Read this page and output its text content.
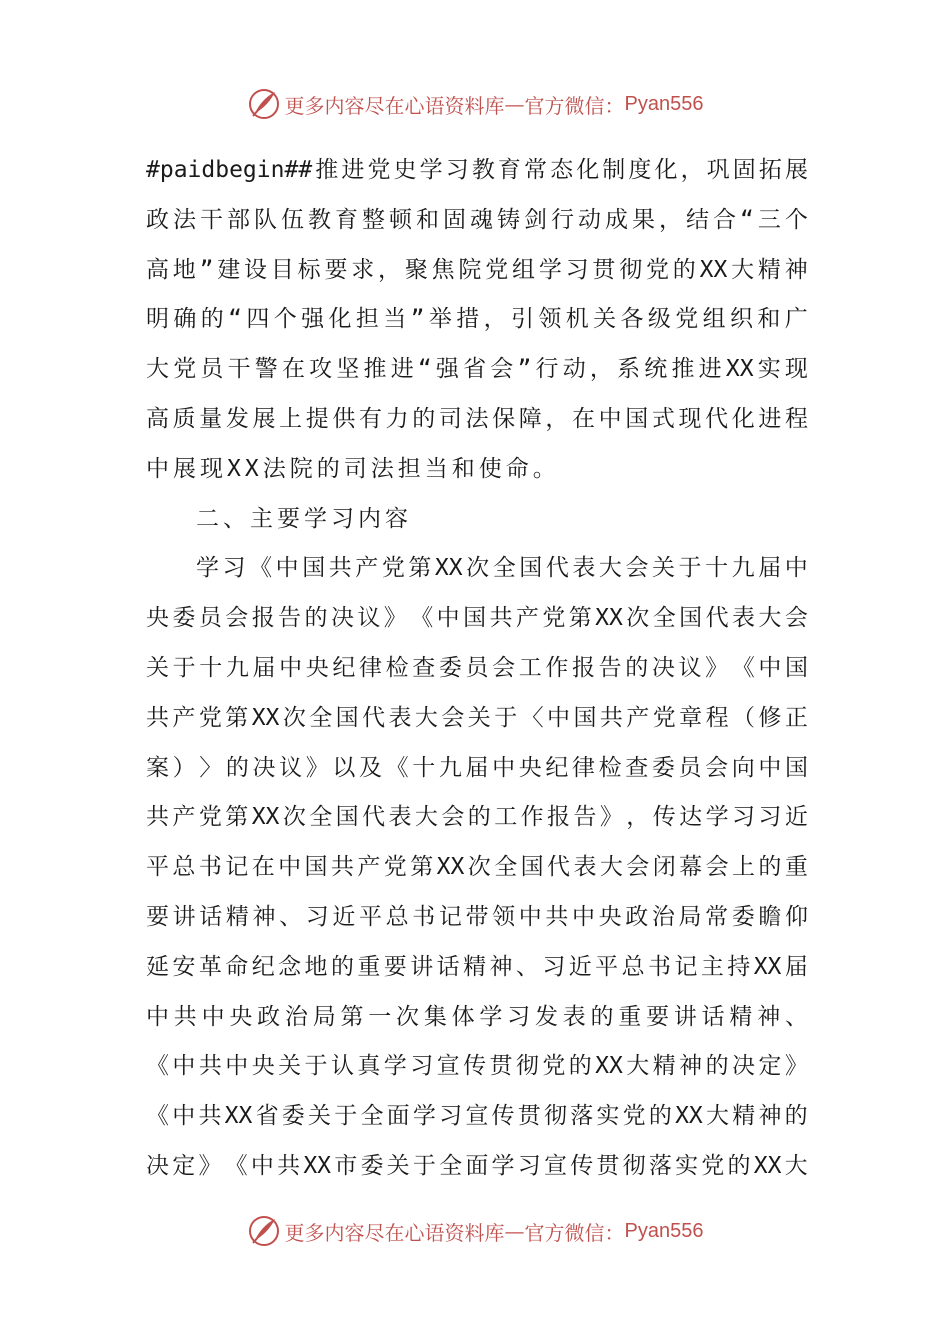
更多内容尽在心语资料库 — 官方微信： Pyan556
#paidbegin## 推 进 党 史 学 习 教 育 常 态 化 制 度 化 ， 巩 固 拓 展
政 法 干 部 队 伍 教 育 整 顿 和 固 魂 铸 剑 行 动 成 果 ， 结 合 “ 三 个
高 地 ” 建 设 目 标 要 求 ， 聚 焦 院 党 组 学 习 贯 彻 党 的 XX 大 精 神
明 确 的 “ 四 个 强 化 担 当 ” 举 措 ， 引 领 机 关 各 级 党 组 织 和 广
大 党 员 干 警 在 攻 坚 推 进 “ 强 省 会 ” 行 动 ， 系 统 推 进 XX 实 现
高 质 量 发 展 上 提 供 有 力 的 司 法 保 障 ， 在 中 国 式 现 代 化 进 程
中展现XX法院的司法担当和使命。
二、主要学习内容
学 习 《 中 国 共 产 党 第 XX 次 全 国 代 表 大 会 关 于 十 九 届 中
央 委 员 会 报 告 的 决 议 》 《 中 国 共 产 党 第 XX 次 全 国 代 表 大 会
关 于 十 九 届 中 央 纪 律 检 查 委 员 会 工 作 报 告 的 决 议 》 《 中 国
共 产 党 第 XX 次 全 国 代 表 大 会 关 于 〈 中 国 共 产 党 章 程 （ 修 正
案 ） 〉 的 决 议 》 以 及 《 十 九 届 中 央 纪 律 检 查 委 员 会 向 中 国
共 产 党 第 XX 次 全 国 代 表 大 会 的 工 作 报 告 》 ， 传 达 学 习 习 近
平 总 书 记 在 中 国 共 产 党 第 XX 次 全 国 代 表 大 会 闭 幕 会 上 的 重
要 讲 话 精 神 、 习 近 平 总 书 记 带 领 中 共 中 央 政 治 局 常 委 瞻 仰
延 安 革 命 纪 念 地 的 重 要 讲 话 精 神 、 习 近 平 总 书 记 主 持 XX 届
中 共 中 央 政 治 局 第 一 次 集 体 学 习 发 表 的 重 要 讲 话 精 神 、
《 中 共 中 央 关 于 认 真 学 习 宣 传 贯 彻 党 的 XX 大 精 神 的 决 定 》
《 中 共 XX 省 委 关 于 全 面 学 习 宣 传 贯 彻 落 实 党 的 XX 大 精 神 的
决 定 》 《 中 共 XX 市 委 关 于 全 面 学 习 宣 传 贯 彻 落 实 党 的 XX 大
更多内容尽在心语资料库 — 官方微信： Pyan556
